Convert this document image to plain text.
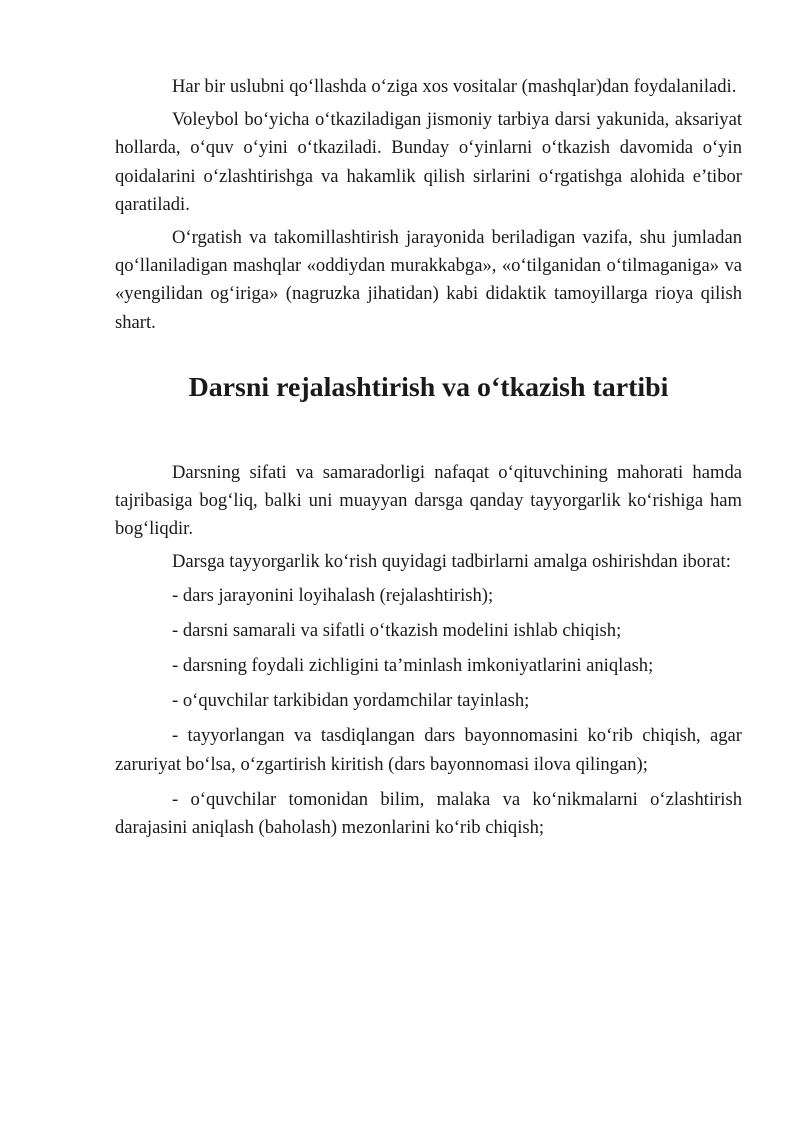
Har bir uslubni qo‘llashda o‘ziga xos vositalar (mashqlar)dan foydalaniladi.

Voleybol bo‘yicha o‘tkaziladigan jismoniy tarbiya darsi yakunida, aksariyat hollarda, o‘quv o‘yini o‘tkaziladi. Bunday o‘yinlarni o‘tkazish davomida o‘yin qoidalarini o‘zlashtirishga va hakamlik qilish sirlarini o‘rgatishga alohida e’tibor qaratiladi.

O‘rgatish va takomillashtirish jarayonida beriladigan vazifa, shu jumladan qo‘llaniladigan mashqlar «oddiydan murakkabga», «o‘tilganidan o‘tilmaganiga» va «yengilidan og‘iriga» (nagruzka jihatidan) kabi didaktik tamoyillarga rioya qilish shart.

Darsni rejalashtirish va o‘tkazish tartibi

Darsning sifati va samaradorligi nafaqat o‘qituvchining mahorati hamda tajribasiga bog‘liq, balki uni muayyan darsga qanday tayyorgarlik ko‘rishiga ham bog‘liqdir.

Darsga tayyorgarlik ko‘rish quyidagi tadbirlarni amalga oshirishdan iborat:

- dars jarayonini loyihalash (rejalashtirish);

- darsni samarali va sifatli o‘tkazish modelini ishlab chiqish;

- darsning foydali zichligini ta’minlash imkoniyatlarini aniqlash;

- o‘quvchilar tarkibidan yordamchilar tayinlash;

- tayyorlangan va tasdiqlangan dars bayonnomasini ko‘rib chiqish, agar zaruriyat bo‘lsa, o‘zgartirish kiritish (dars bayonnomasi ilova qilingan);

- o‘quvchilar tomonidan bilim, malaka va ko‘nikmalarni o‘zlashtirish darajasini aniqlash (baholash) mezonlarini ko‘rib chiqish;
